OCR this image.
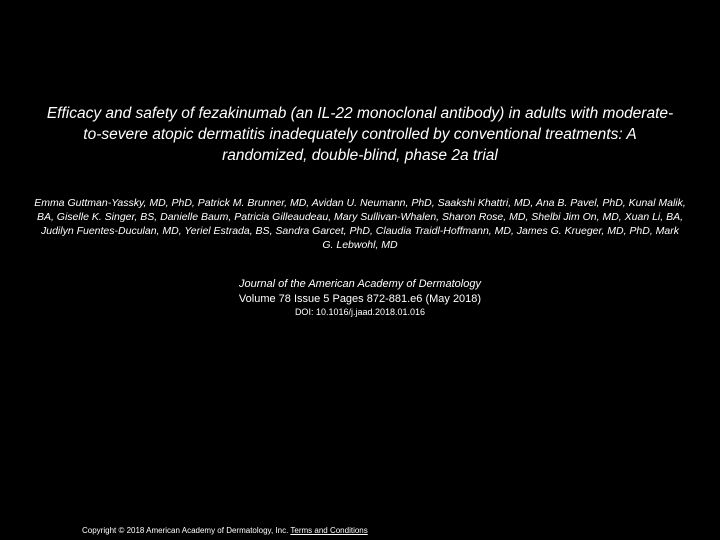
Efficacy and safety of fezakinumab (an IL-22 monoclonal antibody) in adults with moderate-to-severe atopic dermatitis inadequately controlled by conventional treatments: A randomized, double-blind, phase 2a trial
Emma Guttman-Yassky, MD, PhD, Patrick M. Brunner, MD, Avidan U. Neumann, PhD, Saakshi Khattri, MD, Ana B. Pavel, PhD, Kunal Malik, BA, Giselle K. Singer, BS, Danielle Baum, Patricia Gilleaudeau, Mary Sullivan-Whalen, Sharon Rose, MD, Shelbi Jim On, MD, Xuan Li, BA, Judilyn Fuentes-Duculan, MD, Yeriel Estrada, BS, Sandra Garcet, PhD, Claudia Traidl-Hoffmann, MD, James G. Krueger, MD, PhD, Mark G. Lebwohl, MD
Journal of the American Academy of Dermatology
Volume 78 Issue 5 Pages 872-881.e6 (May 2018)
DOI: 10.1016/j.jaad.2018.01.016
Copyright © 2018 American Academy of Dermatology, Inc. Terms and Conditions
